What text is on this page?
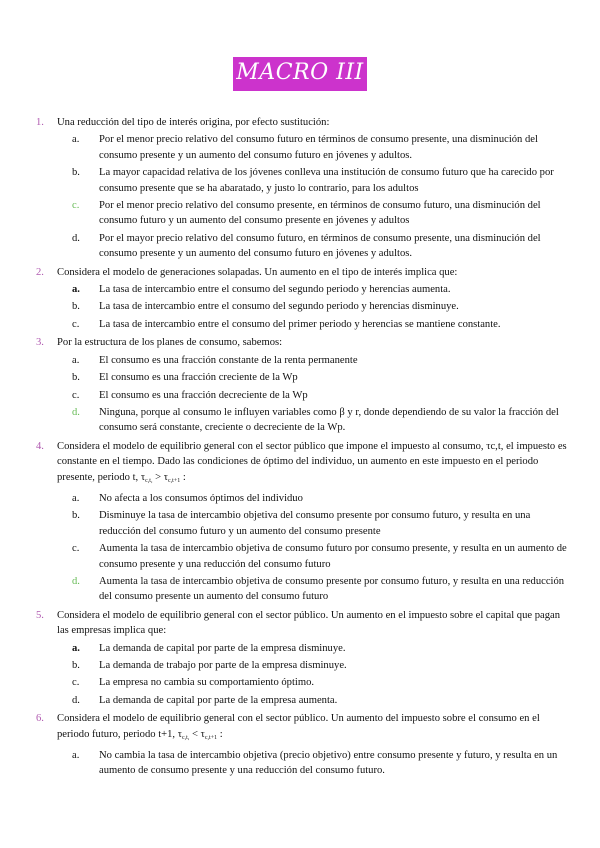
MACRO III
1.	Una reducción del tipo de interés origina, por efecto sustitución:
a.	Por el menor precio relativo del consumo futuro en términos de consumo presente, una disminución del consumo presente y un aumento del consumo futuro en jóvenes y adultos.
b.	La mayor capacidad relativa de los jóvenes conlleva una institución de consumo futuro que ha carecido por consumo presente que se ha abaratado, y justo lo contrario, para los adultos
c.	Por el menor precio relativo del consumo presente, en términos de consumo futuro, una disminución del consumo futuro y un aumento del consumo presente en jóvenes y adultos
d.	Por el mayor precio relativo del consumo futuro, en términos de consumo presente, una disminución del consumo presente y un aumento del consumo futuro en jóvenes y adultos.
2.	Considera el modelo de generaciones solapadas. Un aumento en el tipo de interés implica que:
a.	La tasa de intercambio entre el consumo del segundo periodo y herencias aumenta.
b.	La tasa de intercambio entre el consumo del segundo periodo y herencias disminuye.
c.	La tasa de intercambio entre el consumo del primer periodo y herencias se mantiene constante.
3.	Por la estructura de los planes de consumo, sabemos:
a.	El consumo es una fracción constante de la renta permanente
b.	El consumo es una fracción creciente de la Wp
c.	El consumo es una fracción decreciente de la Wp
d.	Ninguna, porque al consumo le influyen variables como β y r, donde dependiendo de su valor la fracción del consumo será constante, creciente o decreciente de la Wp.
4.	Considera el modelo de equilibrio general con el sector público que impone el impuesto al consumo, τc,t, el impuesto es constante en el tiempo. Dado las condiciones de óptimo del individuo, un aumento en este impuesto en el periodo presente, periodo t, $\tau_{c,t,} > \tau_{c,t+1}$ :
a.	No afecta a los consumos óptimos del individuo
b.	Disminuye la tasa de intercambio objetiva del consumo presente por consumo futuro, y resulta en una reducción del consumo futuro y un aumento del consumo presente
c.	Aumenta la tasa de intercambio objetiva de consumo futuro por consumo presente, y resulta en un aumento de consumo presente y una reducción del consumo futuro
d.	Aumenta la tasa de intercambio objetiva de consumo presente por consumo futuro, y resulta en una reducción del consumo presente un aumento del consumo futuro
5.	Considera el modelo de equilibrio general con el sector público. Un aumento en el impuesto sobre el capital que pagan las empresas implica que:
a.	La demanda de capital por parte de la empresa disminuye.
b.	La demanda de trabajo por parte de la empresa disminuye.
c.	La empresa no cambia su comportamiento óptimo.
d.	La demanda de capital por parte de la empresa aumenta.
6.	Considera el modelo de equilibrio general con el sector público. Un aumento del impuesto sobre el consumo en el periodo futuro, periodo t+1, $\tau_{c,t,} < \tau_{c,t+1}$ :
a.	No cambia la tasa de intercambio objetiva (precio objetivo) entre consumo presente y futuro, y resulta en un aumento de consumo presente y una reducción del consumo futuro.
